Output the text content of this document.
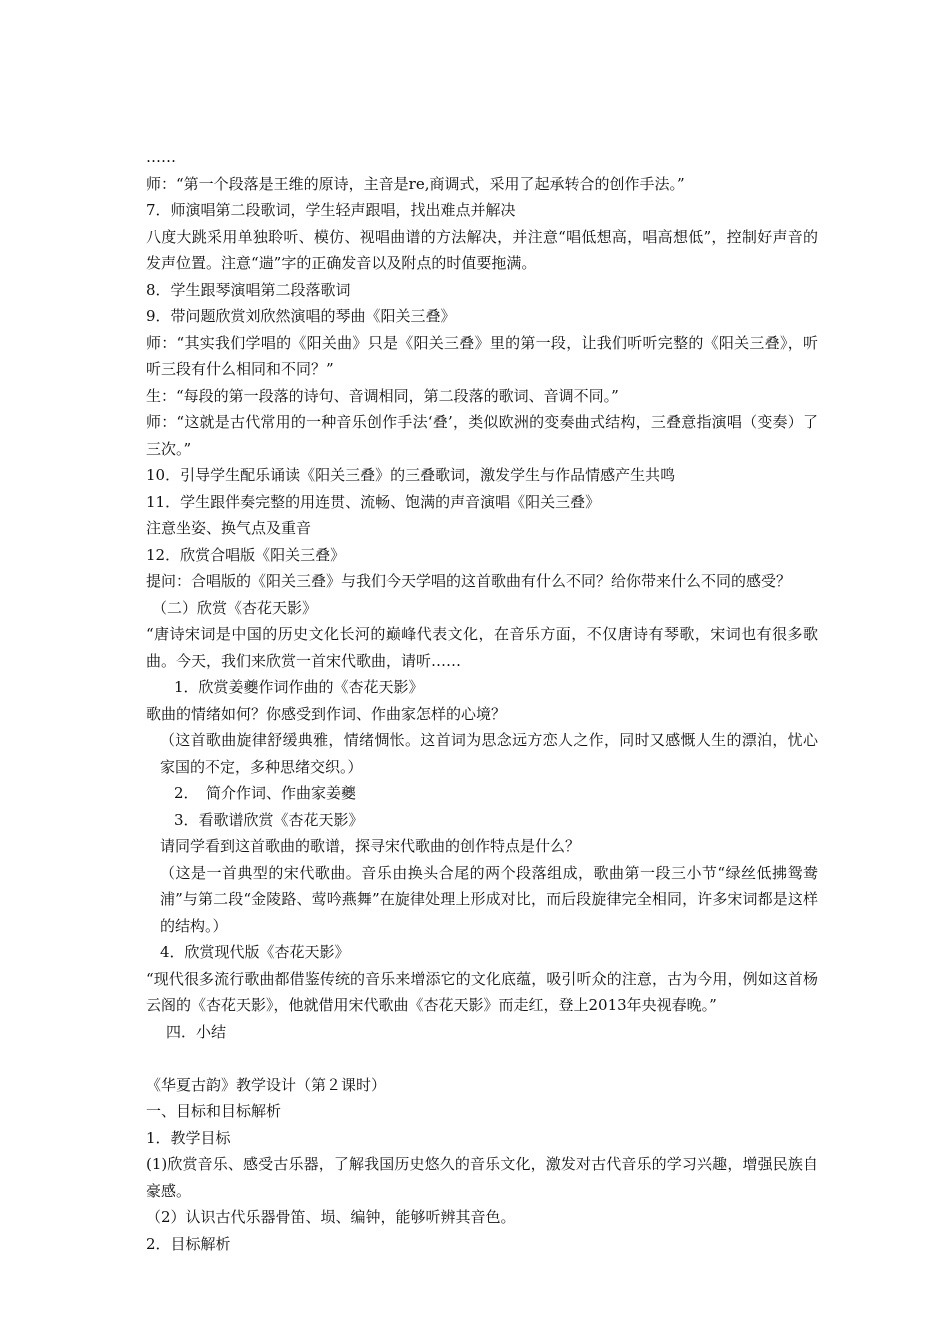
……
师：“第一个段落是王维的原诗，主音是re,商调式，采用了起承转合的创作手法。”
7．师演唱第二段歌词，学生轻声跟唱，找出难点并解决
八度大跳采用单独聆听、模仿、视唱曲谱的方法解决，并注意“唱低想高，唱高想低”，控制好声音的发声位置。注意“遄”字的正确发音以及附点的时值要拖满。
8．学生跟琴演唱第二段落歌词
9．带问题欣赏刘欣然演唱的琴曲《阳关三叠》
师：“其实我们学唱的《阳关曲》只是《阳关三叠》里的第一段，让我们听听完整的《阳关三叠》，听听三段有什么相同和不同？”
生：“每段的第一段落的诗句、音调相同，第二段落的歌词、音调不同。”
师：“这就是古代常用的一种音乐创作手法‘叠’，类似欧洲的变奏曲式结构，三叠意指演唱（变奏）了三次。”
10．引导学生配乐诵读《阳关三叠》的三叠歌词，激发学生与作品情感产生共鸣
11．学生跟伴奏完整的用连贯、流畅、饱满的声音演唱《阳关三叠》
注意坐姿、换气点及重音
12．欣赏合唱版《阳关三叠》
提问：合唱版的《阳关三叠》与我们今天学唱的这首歌曲有什么不同？给你带来什么不同的感受？
（二）欣赏《杏花天影》
“唐诗宋词是中国的历史文化长河的巅峰代表文化，在音乐方面，不仅唐诗有琴歌，宋词也有很多歌曲。今天，我们来欣赏一首宋代歌曲，请听……
1．欣赏姜夔作词作曲的《杏花天影》
歌曲的情绪如何？你感受到作词、作曲家怎样的心境？
（这首歌曲旋律舒缓典雅，情绪惆怅。这首词为思念远方恋人之作，同时又感慨人生的漂泊，忧心家国的不定，多种思绪交织。）
2．　简介作词、作曲家姜夔
3．看歌谱欣赏《杏花天影》
请同学看到这首歌曲的歌谱，探寻宋代歌曲的创作特点是什么？
（这是一首典型的宋代歌曲。音乐由换头合尾的两个段落组成，歌曲第一段三小节“绿丝低拂鸳鸯浦”与第二段“金陵路、莺吟燕舞”在旋律处理上形成对比，而后段旋律完全相同，许多宋词都是这样的结构。）
4．欣赏现代版《杏花天影》
“现代很多流行歌曲都借鉴传统的音乐来增添它的文化底蕴，吸引听众的注意，古为今用，例如这首杨云阁的《杏花天影》，他就借用宋代歌曲《杏花天影》而走红，登上2013年央视春晚。”
四．小结
《华夏古韵》教学设计（第２课时）
一、目标和目标解析
1．教学目标
(1)欣赏音乐、感受古乐器，了解我国历史悠久的音乐文化，激发对古代音乐的学习兴趣，增强民族自豪感。
（2）认识古代乐器骨笛、埙、编钟，能够听辨其音色。
2．目标解析
